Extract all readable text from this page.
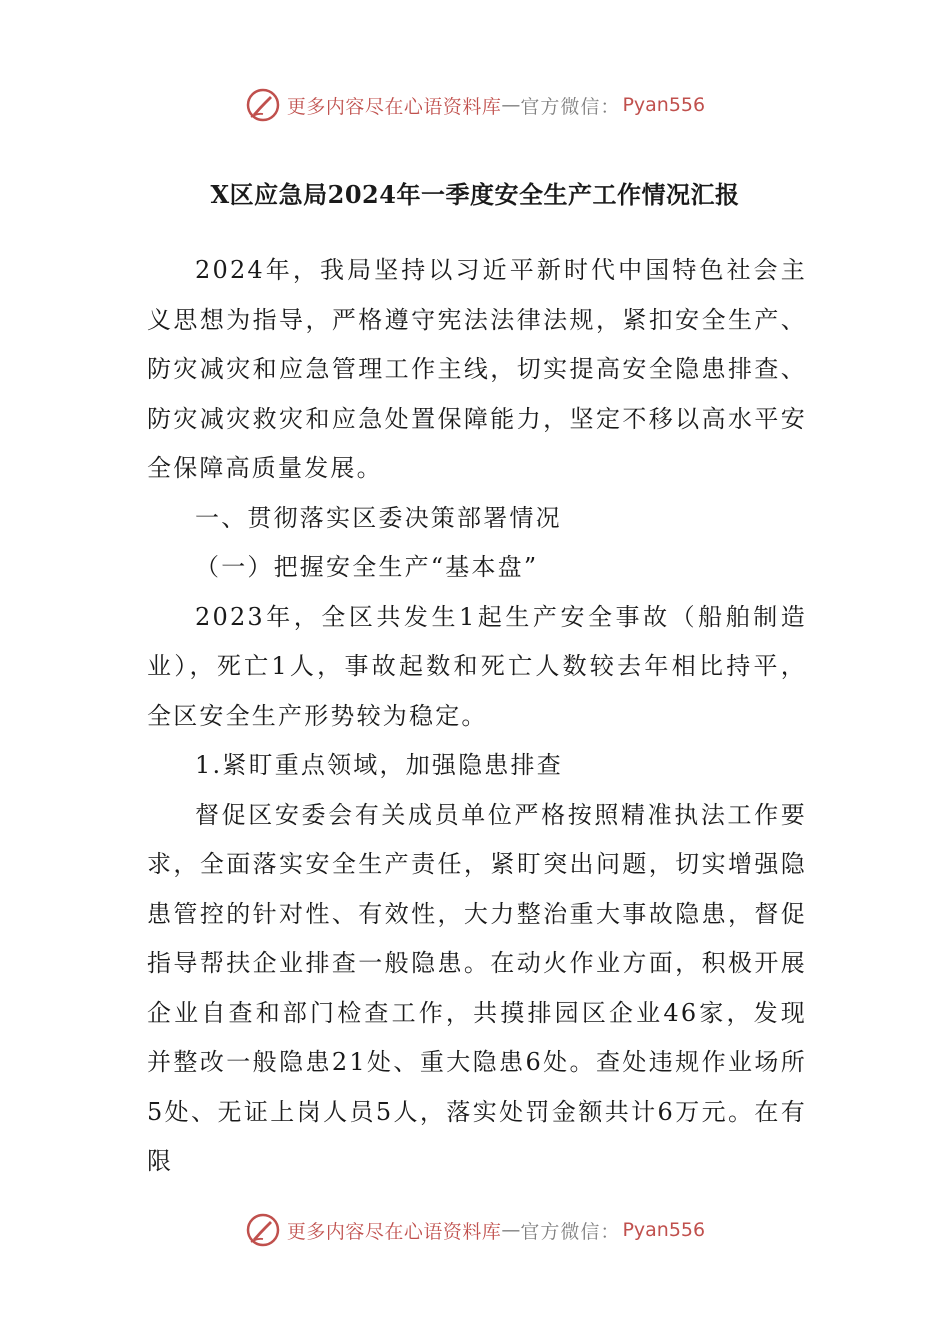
更多内容尽在心语资料库 — 官方微信： Pyan556
X区应急局2024年一季度安全生产工作情况汇报

2024年，我局坚持以习近平新时代中国特色社会主义思想为指导，严格遵守宪法法律法规，紧扣安全生产、防灾减灾和应急管理工作主线，切实提高安全隐患排查、防灾减灾救灾和应急处置保障能力，坚定不移以高水平安全保障高质量发展。

一、贯彻落实区委决策部署情况

（一）把握安全生产“基本盘”

2023年，全区共发生1起生产安全事故（船舶制造业），死亡1人，事故起数和死亡人数较去年相比持平，全区安全生产形势较为稳定。

1.紧盯重点领域，加强隐患排查

督促区安委会有关成员单位严格按照精准执法工作要求，全面落实安全生产责任，紧盯突出问题，切实增强隐患管控的针对性、有效性，大力整治重大事故隐患，督促指导帮扶企业排查一般隐患。在动火作业方面，积极开展企业自查和部门检查工作，共摸排园区企业46家，发现并整改一般隐患21处、重大隐患6处。查处违规作业场所5处、无证上岗人员5人，落实处罚金额共计6万元。在有限

更多内容尽在心语资料库 — 官方微信： Pyan556
